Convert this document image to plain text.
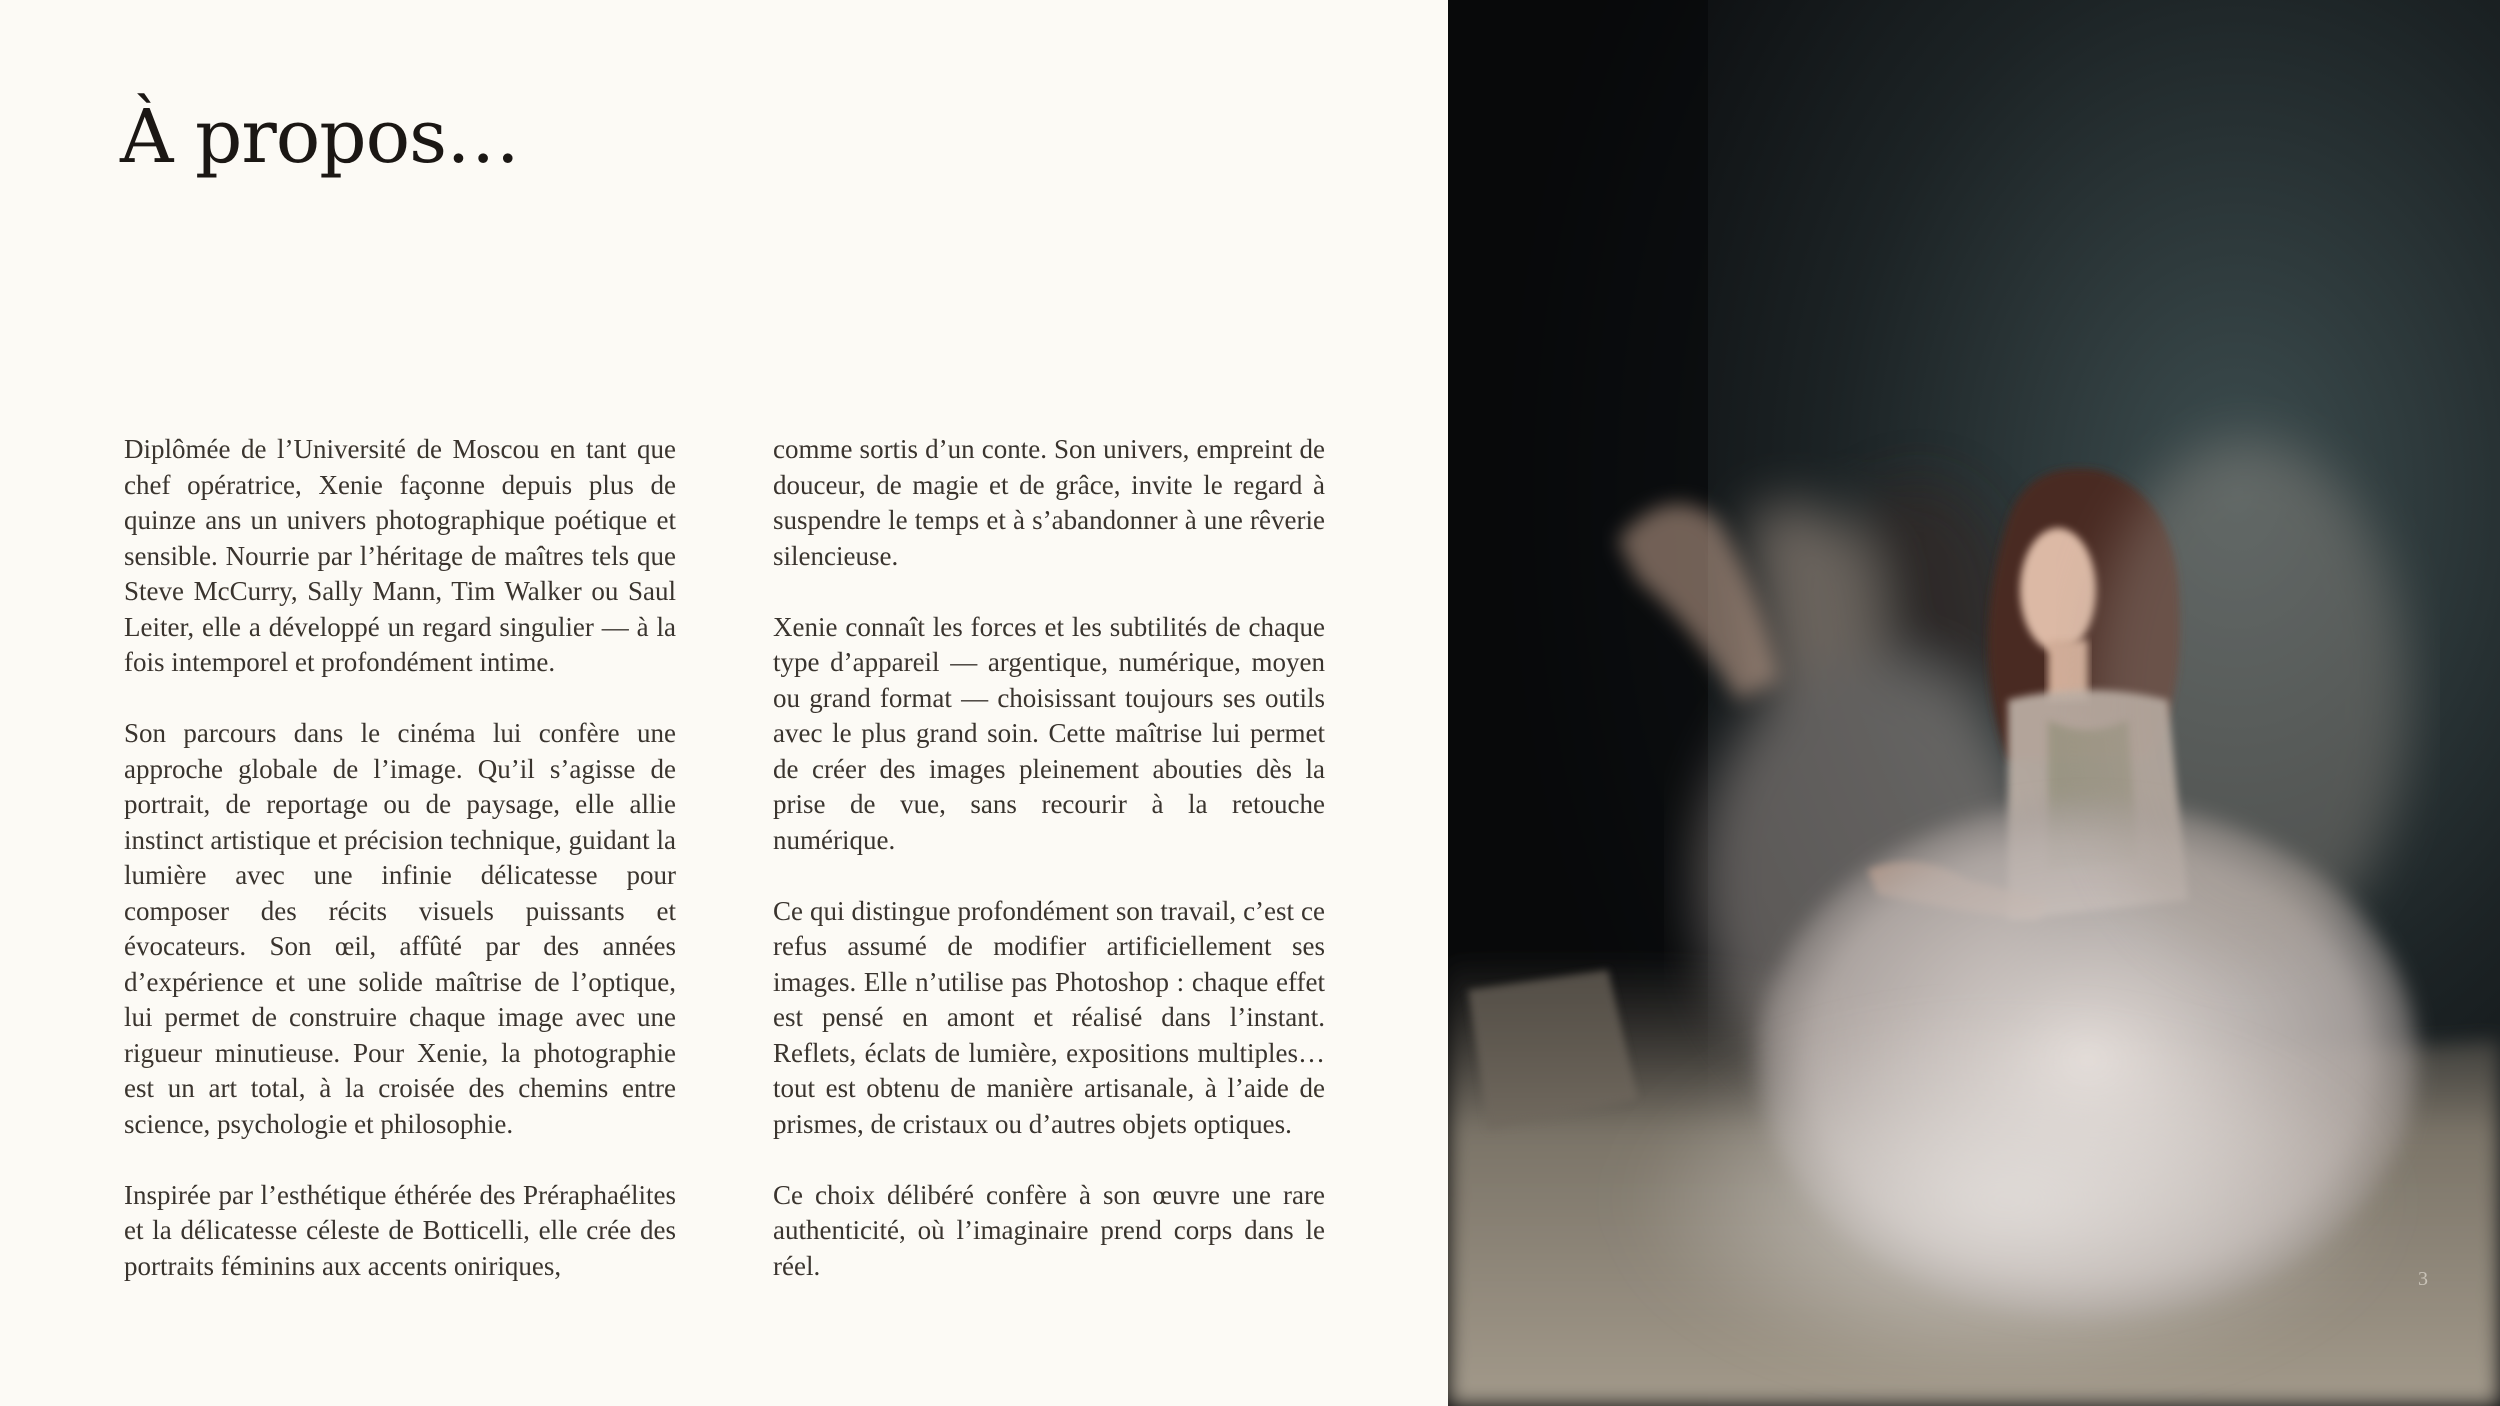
À propos…

Diplômée de l’Université de Moscou en tant que chef opératrice, Xenie façonne depuis plus de quinze ans un univers photographique poétique et sensible. Nourrie par l’héritage de maîtres tels que Steve McCurry, Sally Mann, Tim Walker ou Saul Leiter, elle a développé un regard singulier — à la fois intemporel et profondément intime.

Son parcours dans le cinéma lui confère une approche globale de l’image. Qu’il s’agisse de portrait, de reportage ou de paysage, elle allie instinct artistique et précision technique, guidant la lumière avec une infinie délicatesse pour composer des récits visuels puissants et évocateurs. Son œil, affûté par des années d’expérience et une solide maîtrise de l’optique, lui permet de construire chaque image avec une rigueur minutieuse. Pour Xenie, la photographie est un art total, à la croisée des chemins entre science, psychologie et philosophie.

Inspirée par l’esthétique éthérée des Préraphaélites et la délicatesse céleste de Botticelli, elle crée des portraits féminins aux accents oniriques,

comme sortis d’un conte. Son univers, empreint de douceur, de magie et de grâce, invite le regard à suspendre le temps et à s’abandonner à une rêverie silencieuse.

Xenie connaît les forces et les subtilités de chaque type d’appareil — argentique, numérique, moyen ou grand format — choisissant toujours ses outils avec le plus grand soin. Cette maîtrise lui permet de créer des images pleinement abouties dès la prise de vue, sans recourir à la retouche numérique.

Ce qui distingue profondément son travail, c’est ce refus assumé de modifier artificiellement ses images. Elle n’utilise pas Photoshop : chaque effet est pensé en amont et réalisé dans l’instant. Reflets, éclats de lumière, expositions multiples… tout est obtenu de manière artisanale, à l’aide de prismes, de cristaux ou d’autres objets optiques.

Ce choix délibéré confère à son œuvre une rare authenticité, où l’imaginaire prend corps dans le réel.	3
